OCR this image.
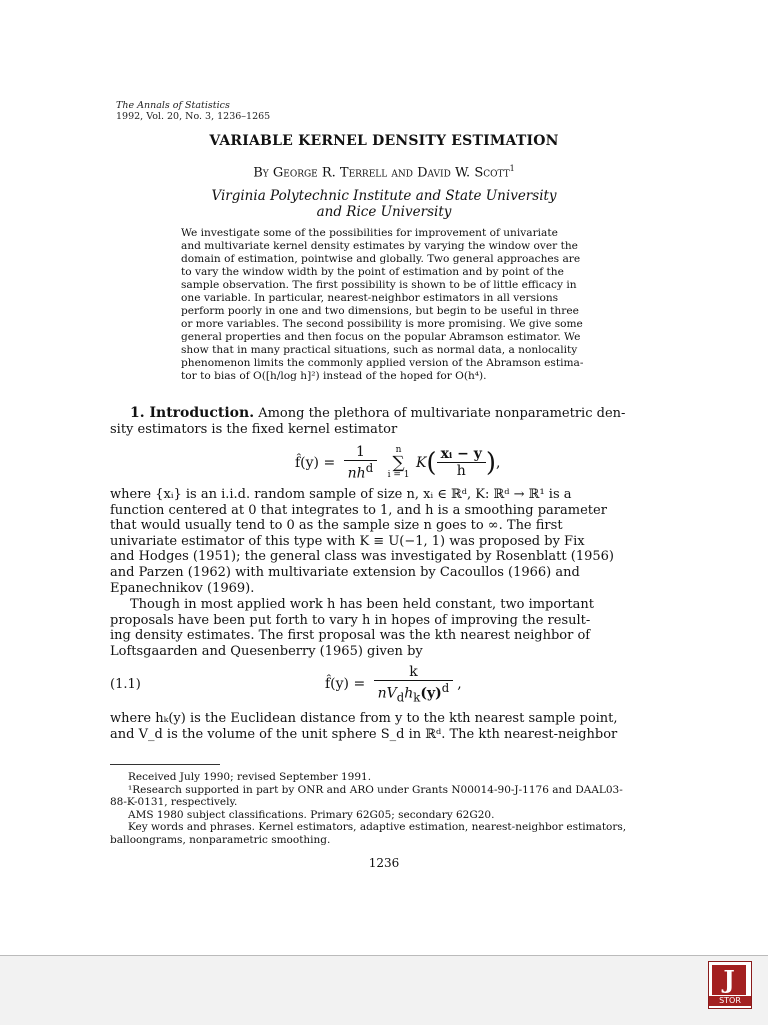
The Annals of Statistics
1992, Vol. 20, No. 3, 1236–1265
VARIABLE KERNEL DENSITY ESTIMATION
By George R. Terrell and David W. Scott$^1$
Virginia Polytechnic Institute and State University
and Rice University
We investigate some of the possibilities for improvement of univariate
and multivariate kernel density estimates by varying the window over the
domain of estimation, pointwise and globally. Two general approaches are
to vary the window width by the point of estimation and by point of the
sample observation. The first possibility is shown to be of little efficacy in
one variable. In particular, nearest-neighbor estimators in all versions
perform poorly in one and two dimensions, but begin to be useful in three
or more variables. The second possibility is more promising. We give some
general properties and then focus on the popular Abramson estimator. We
show that in many practical situations, such as normal data, a nonlocality
phenomenon limits the commonly applied version of the Abramson estima-
tor to bias of O([h/log h]²) instead of the hoped for O(h⁴).
1. Introduction. Among the plethora of multivariate nonparametric den-
sity estimators is the fixed kernel estimator
f̂(y) = $\frac{1}{nh^d}$
	n
∑
i = 1
$K( \frac{\text{xᵢ − y}}{h}$ ),
where {xᵢ} is an i.i.d. random sample of size n, xᵢ ∈ ℝᵈ, K: ℝᵈ → ℝ¹ is a
function centered at 0 that integrates to 1, and h is a smoothing parameter
that would usually tend to 0 as the sample size n goes to ∞. The first
univariate estimator of this type with K ≡ U(−1, 1) was proposed by Fix
and Hodges (1951); the general class was investigated by Rosenblatt (1956)
and Parzen (1962) with multivariate extension by Cacoullos (1966) and
Epanechnikov (1969).
Though in most applied work h has been held constant, two important
proposals have been put forth to vary h in hopes of improving the result-
ing density estimates. The first proposal was the kth nearest neighbor of
Loftsgaarden and Quesenberry (1965) given by
(1.1)	f̂(y) = $\frac{k}{nV_dh_k(y)^d}$ ,
where hₖ(y) is the Euclidean distance from y to the kth nearest sample point,
and V_d is the volume of the unit sphere S_d in ℝᵈ. The kth nearest-neighbor
Received July 1990; revised September 1991.
¹Research supported in part by ONR and ARO under Grants N00014-90-J-1176 and DAAL03-
88-K-0131, respectively.
AMS 1980 subject classifications. Primary 62G05; secondary 62G20.
Key words and phrases. Kernel estimators, adaptive estimation, nearest-neighbor estimators,
balloongrams, nonparametric smoothing.
1236
J
STOR
